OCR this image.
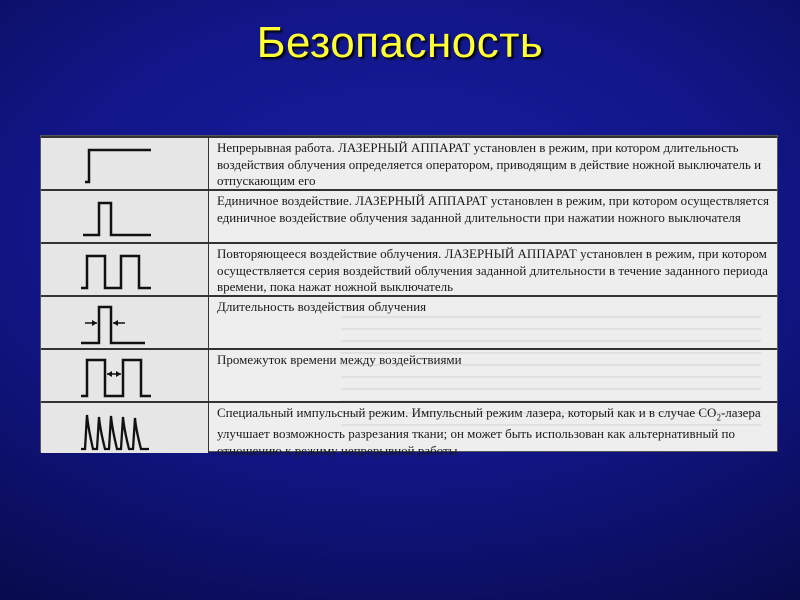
Безопасность
Непрерывная работа. ЛАЗЕРНЫЙ АППАРАТ установлен в режим, при котором длительность воздействия облучения определяется оператором, приводящим в действие ножной выключатель и отпускающим его
Единичное воздействие. ЛАЗЕРНЫЙ АППАРАТ установлен в режим, при котором осуществляется единичное воздействие облучения заданной длительности при нажатии ножного выключателя
Повторяющееся воздействие облучения. ЛАЗЕРНЫЙ АППАРАТ установлен в режим, при котором осуществляется серия воздействий облучения заданной длительности в течение заданного периода времени, пока нажат ножной выключатель
Длительность воздействия облучения
Промежуток времени между воздействиями
Специальный импульсный режим. Импульсный режим лазера, который как и в случае $CO_2$-лазера улучшает возможность разрезания ткани; он может быть использован как альтернативный по отношению к режиму непрерывной работы
